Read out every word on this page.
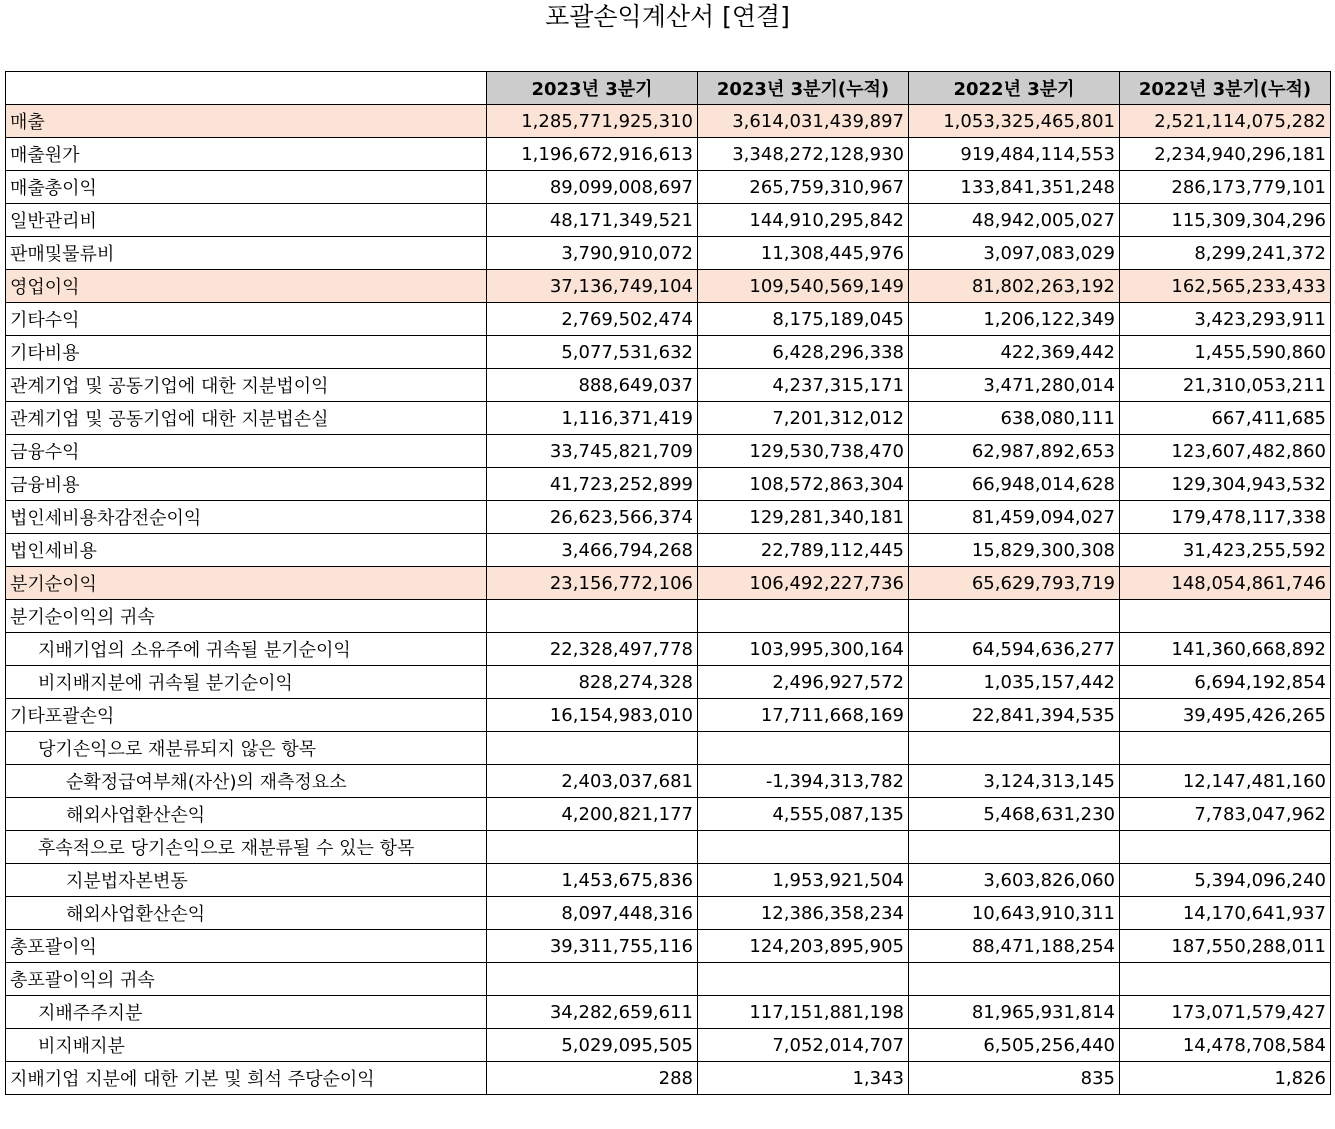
포괄손익계산서 [연결]
	2023년 3분기	2023년 3분기(누적)	2022년 3분기	2022년 3분기(누적)
매출	1,285,771,925,310	3,614,031,439,897	1,053,325,465,801	2,521,114,075,282
매출원가	1,196,672,916,613	3,348,272,128,930	919,484,114,553	2,234,940,296,181
매출총이익	89,099,008,697	265,759,310,967	133,841,351,248	286,173,779,101
일반관리비	48,171,349,521	144,910,295,842	48,942,005,027	115,309,304,296
판매및물류비	3,790,910,072	11,308,445,976	3,097,083,029	8,299,241,372
영업이익	37,136,749,104	109,540,569,149	81,802,263,192	162,565,233,433
기타수익	2,769,502,474	8,175,189,045	1,206,122,349	3,423,293,911
기타비용	5,077,531,632	6,428,296,338	422,369,442	1,455,590,860
관계기업 및 공동기업에 대한 지분법이익	888,649,037	4,237,315,171	3,471,280,014	21,310,053,211
관계기업 및 공동기업에 대한 지분법손실	1,116,371,419	7,201,312,012	638,080,111	667,411,685
금융수익	33,745,821,709	129,530,738,470	62,987,892,653	123,607,482,860
금융비용	41,723,252,899	108,572,863,304	66,948,014,628	129,304,943,532
법인세비용차감전순이익	26,623,566,374	129,281,340,181	81,459,094,027	179,478,117,338
법인세비용	3,466,794,268	22,789,112,445	15,829,300,308	31,423,255,592
분기순이익	23,156,772,106	106,492,227,736	65,629,793,719	148,054,861,746
분기순이익의 귀속				
지배기업의 소유주에 귀속될 분기순이익	22,328,497,778	103,995,300,164	64,594,636,277	141,360,668,892
비지배지분에 귀속될 분기순이익	828,274,328	2,496,927,572	1,035,157,442	6,694,192,854
기타포괄손익	16,154,983,010	17,711,668,169	22,841,394,535	39,495,426,265
당기손익으로 재분류되지 않은 항목				
순확정급여부채(자산)의 재측정요소	2,403,037,681	-1,394,313,782	3,124,313,145	12,147,481,160
해외사업환산손익	4,200,821,177	4,555,087,135	5,468,631,230	7,783,047,962
후속적으로 당기손익으로 재분류될 수 있는 항목				
지분법자본변동	1,453,675,836	1,953,921,504	3,603,826,060	5,394,096,240
해외사업환산손익	8,097,448,316	12,386,358,234	10,643,910,311	14,170,641,937
총포괄이익	39,311,755,116	124,203,895,905	88,471,188,254	187,550,288,011
총포괄이익의 귀속				
지배주주지분	34,282,659,611	117,151,881,198	81,965,931,814	173,071,579,427
비지배지분	5,029,095,505	7,052,014,707	6,505,256,440	14,478,708,584
지배기업 지분에 대한 기본 및 희석 주당순이익	288	1,343	835	1,826
